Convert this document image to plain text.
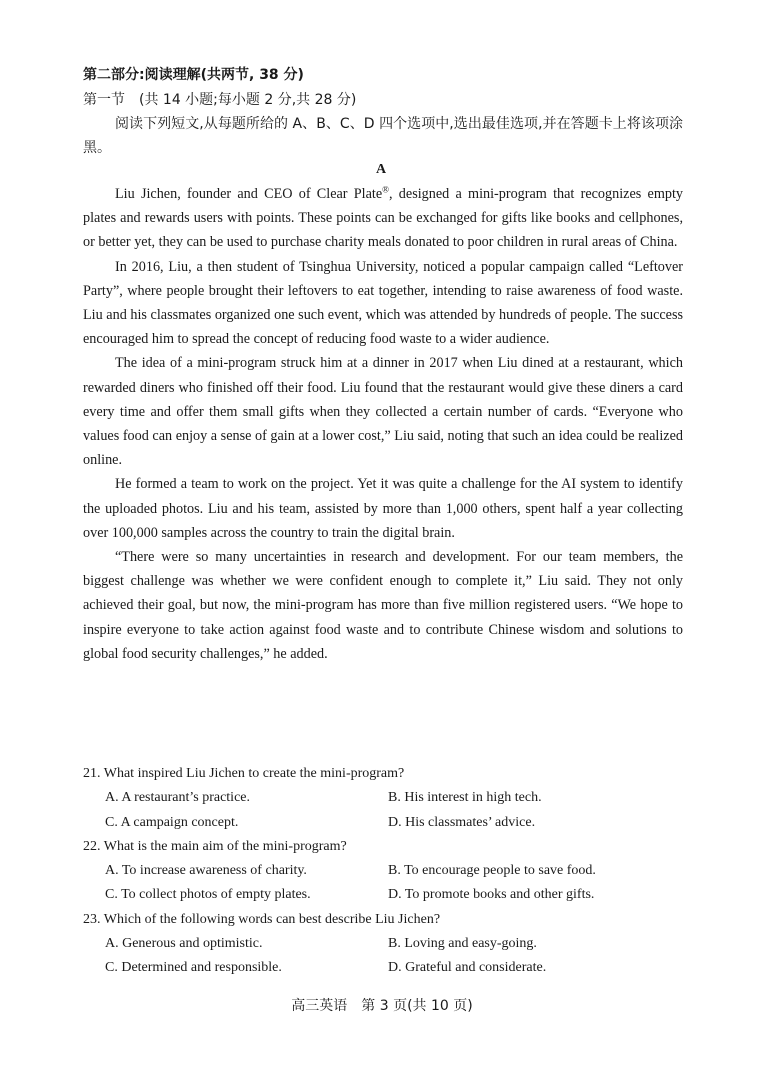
第二部分:阅读理解(共两节, 38 分)
第一节　(共 14 小题;每小题 2 分,共 28 分)
阅读下列短文,从每题所给的 A、B、C、D 四个选项中,选出最佳选项,并在答题卡上将该项涂黑。
A

Liu Jichen, founder and CEO of Clear Plate®, designed a mini-program that recognizes empty plates and rewards users with points. These points can be exchanged for gifts like books and cellphones, or better yet, they can be used to purchase charity meals donated to poor children in rural areas of China.

In 2016, Liu, a then student of Tsinghua University, noticed a popular campaign called “Leftover Party”, where people brought their leftovers to eat together, intending to raise awareness of food waste. Liu and his classmates organized one such event, which was attended by hundreds of people. The success encouraged him to spread the concept of reducing food waste to a wider audience.

The idea of a mini-program struck him at a dinner in 2017 when Liu dined at a restaurant, which rewarded diners who finished off their food. Liu found that the restaurant would give these diners a card every time and offer them small gifts when they collected a certain number of cards. “Everyone who values food can enjoy a sense of gain at a lower cost,” Liu said, noting that such an idea could be realized online.

He formed a team to work on the project. Yet it was quite a challenge for the AI system to identify the uploaded photos. Liu and his team, assisted by more than 1,000 others, spent half a year collecting over 100,000 samples across the country to train the digital brain.

“There were so many uncertainties in research and development. For our team members, the biggest challenge was whether we were confident enough to complete it,” Liu said. They not only achieved their goal, but now, the mini-program has more than five million registered users. “We hope to inspire everyone to take action against food waste and to contribute Chinese wisdom and solutions to global food security challenges,” he added.

21. What inspired Liu Jichen to create the mini-program?
A. A restaurant’s practice.	B. His interest in high tech.
C. A campaign concept.	D. His classmates’ advice.
22. What is the main aim of the mini-program?
A. To increase awareness of charity.	B. To encourage people to save food.
C. To collect photos of empty plates.	D. To promote books and other gifts.
23. Which of the following words can best describe Liu Jichen?
A. Generous and optimistic.	B. Loving and easy-going.
C. Determined and responsible.	D. Grateful and considerate.
高三英语　第 3 页(共 10 页)
